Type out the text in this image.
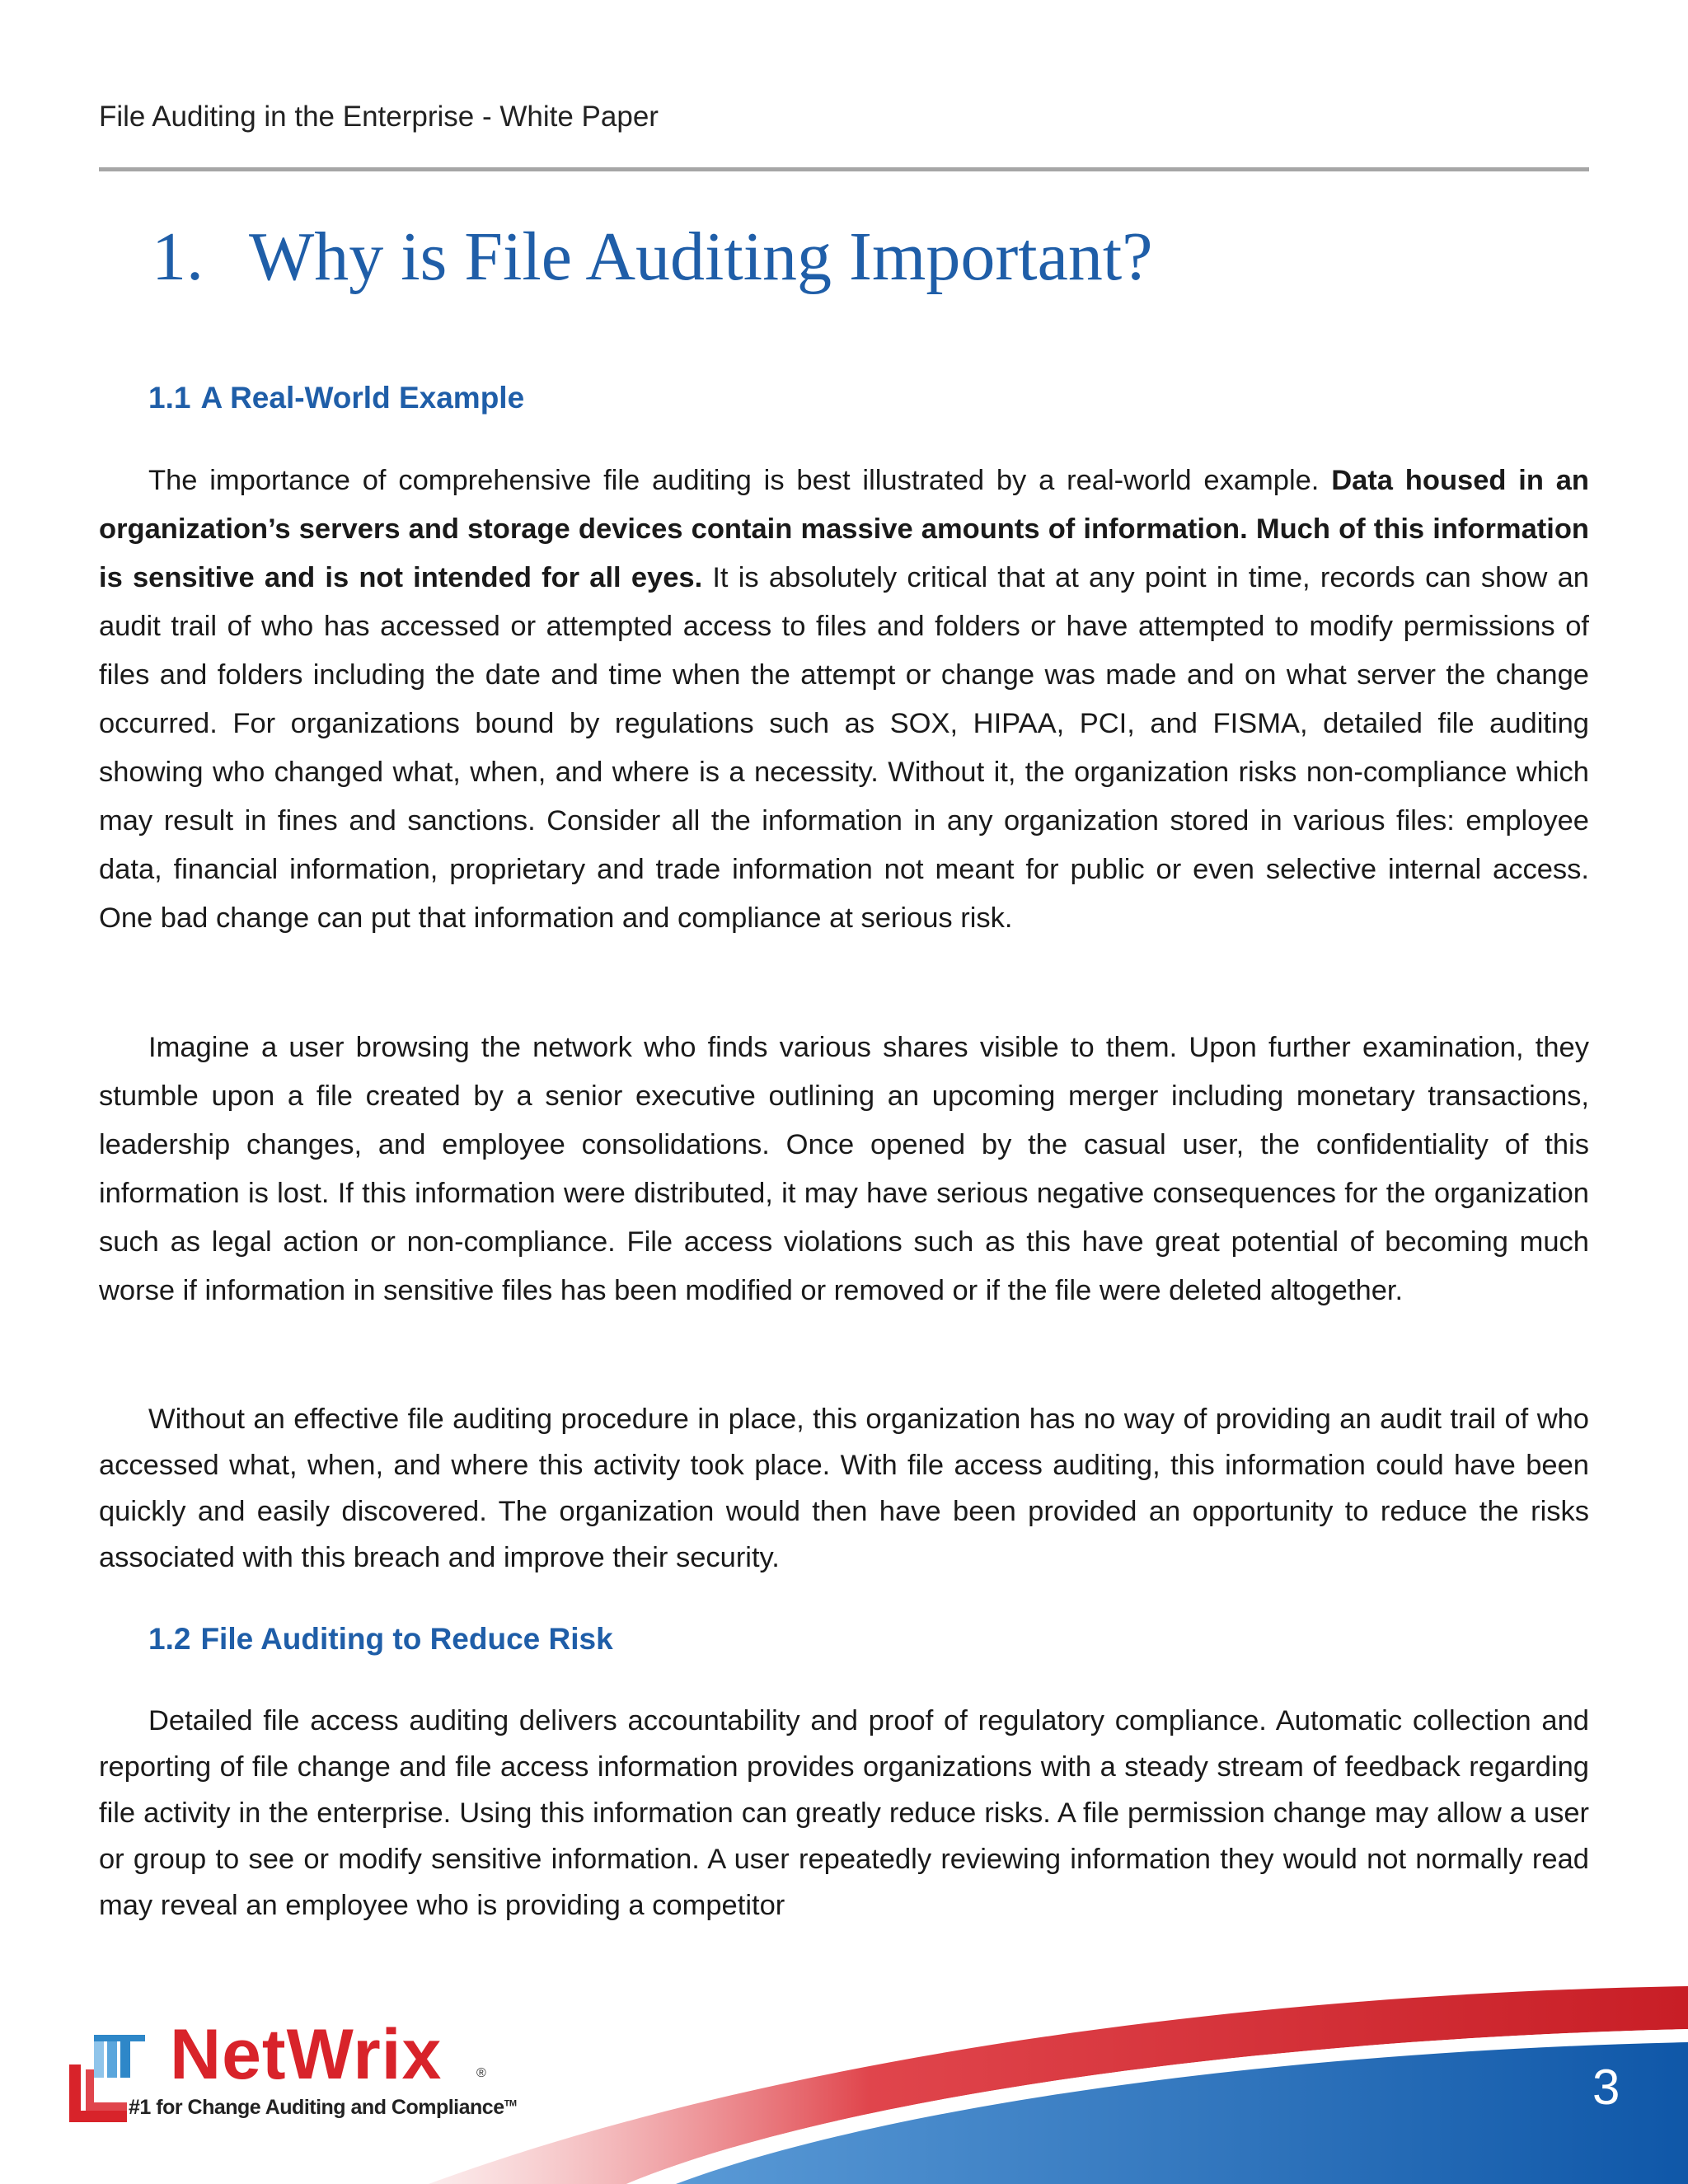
File Auditing in the Enterprise - White Paper
1. Why is File Auditing Important?
1.1 A Real-World Example

The importance of comprehensive file auditing is best illustrated by a real-world example. Data housed in an organization’s servers and storage devices contain massive amounts of information. Much of this information is sensitive and is not intended for all eyes. It is absolutely critical that at any point in time, records can show an audit trail of who has accessed or attempted access to files and folders or have attempted to modify permissions of files and folders including the date and time when the attempt or change was made and on what server the change occurred. For organizations bound by regulations such as SOX, HIPAA, PCI, and FISMA, detailed file auditing showing who changed what, when, and where is a necessity. Without it, the organization risks non-compliance which may result in fines and sanctions. Consider all the information in any organization stored in various files: employee data, financial information, proprietary and trade information not meant for public or even selective internal access. One bad change can put that information and compliance at serious risk.

Imagine a user browsing the network who finds various shares visible to them. Upon further examination, they stumble upon a file created by a senior executive outlining an upcoming merger including monetary transactions, leadership changes, and employee consolidations. Once opened by the casual user, the confidentiality of this information is lost. If this information were distributed, it may have serious negative consequences for the organization such as legal action or non-compliance. File access violations such as this have great potential of becoming much worse if information in sensitive files has been modified or removed or if the file were deleted altogether.

Without an effective file auditing procedure in place, this organization has no way of providing an audit trail of who accessed what, when, and where this activity took place. With file access auditing, this information could have been quickly and easily discovered. The organization would then have been provided an opportunity to reduce the risks associated with this breach and improve their security.

1.2 File Auditing to Reduce Risk

Detailed file access auditing delivers accountability and proof of regulatory compliance. Automatic collection and reporting of file change and file access information provides organizations with a steady stream of feedback regarding file activity in the enterprise. Using this information can greatly reduce risks. A file permission change may allow a user or group to see or modify sensitive information. A user repeatedly reviewing information they would not normally read may reveal an employee who is providing a competitor

NetWrix	®
#1 for Change Auditing and Compliance™	3
